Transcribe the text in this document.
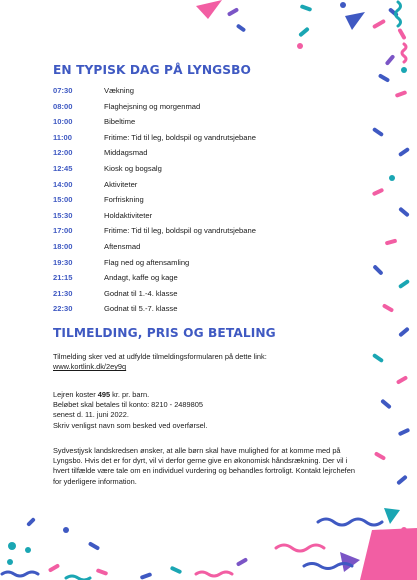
EN TYPISK DAG PÅ LYNGSBO
07:30	Vækning
08:00	Flaghejsning og morgenmad
10:00	Bibeltime
11:00	Fritime: Tid til leg, boldspil og vandrutsjebane
12:00	Middagsmad
12:45	Kiosk og bogsalg
14:00	Aktiviteter
15:00	Forfriskning
15:30	Holdaktiviteter
17:00	Fritime: Tid til leg, boldspil og vandrutsjebane
18:00	Aftensmad
19:30	Flag ned og aftensamling
21:15	Andagt, kaffe og kage
21:30	Godnat til 1.-4. klasse
22:30	Godnat til 5.-7. klasse
TILMELDING, PRIS OG BETALING

Tilmelding sker ved at udfylde tilmeldingsformularen på dette link:
www.kortlink.dk/2ey9q

Lejren koster 495 kr. pr. barn.
Beløbet skal betales til konto: 8210 - 2489805
senest d. 11. juni 2022.
Skriv venligst navn som besked ved overførsel.

Sydvestjysk landskredsen ønsker, at alle børn skal have mulighed for at komme med på Lyngsbo. Hvis det er for dyrt, vil vi derfor gerne give en økonomisk håndsrækning. Der vil i hvert tilfælde være tale om en individuel vurdering og behandles fortroligt. Kontakt lejrchefen for yderligere information.
